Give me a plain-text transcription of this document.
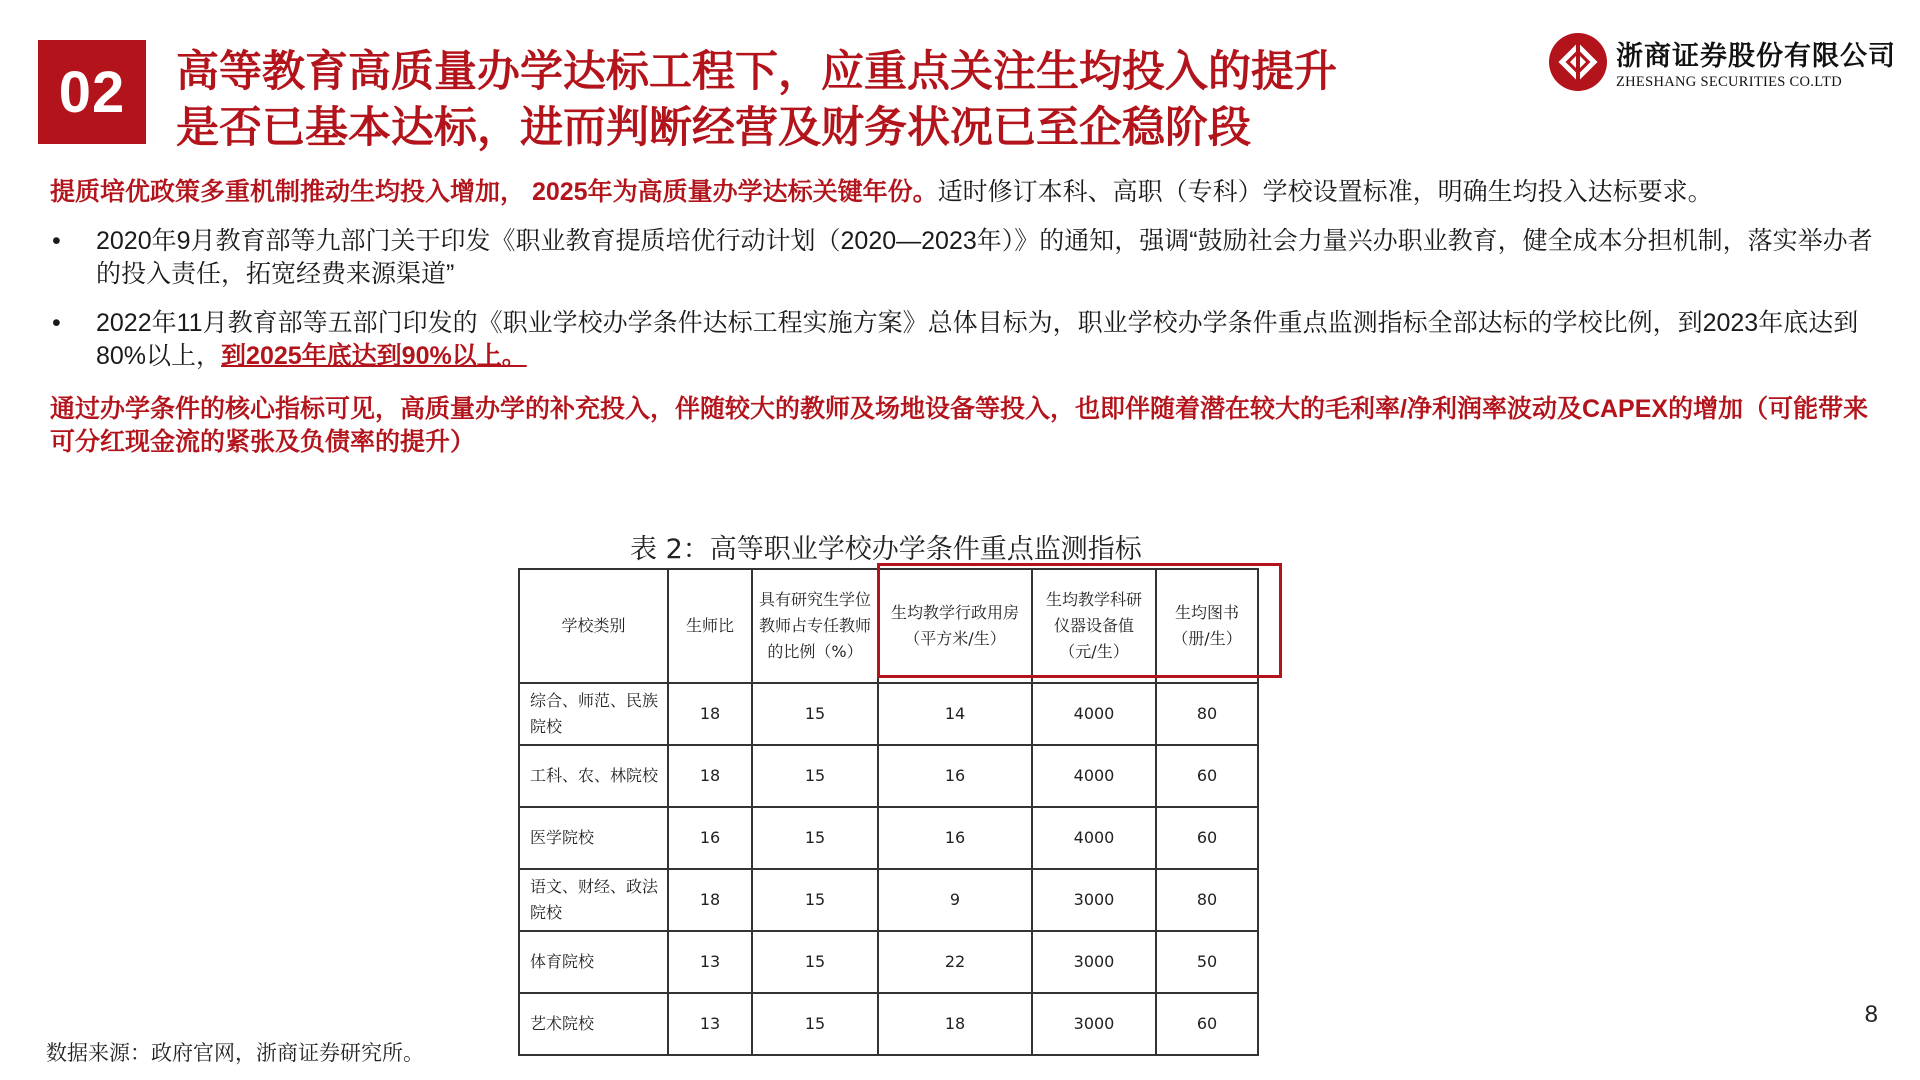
02	高等教育高质量办学达标工程下，应重点关注生均投入的提升
是否已基本达标，进而判断经营及财务状况已至企稳阶段
浙商证券股份有限公司
ZHESHANG SECURITIES CO.LTD

提质培优政策多重机制推动生均投入增加， 2025年为高质量办学达标关键年份。适时修订本科、高职（专科）学校设置标准，明确生均投入达标要求。

• 2020年9月教育部等九部门关于印发《职业教育提质培优行动计划（2020—2023年）》的通知，强调“鼓励社会力量兴办职业教育，健全成本分担机制，落实举办者的投入责任，拓宽经费来源渠道”
• 2022年11月教育部等五部门印发的《职业学校办学条件达标工程实施方案》总体目标为，职业学校办学条件重点监测指标全部达标的学校比例，到2023年底达到80%以上，到2025年底达到90%以上。

通过办学条件的核心指标可见，高质量办学的补充投入，伴随较大的教师及场地设备等投入，也即伴随着潜在较大的毛利率/净利润率波动及CAPEX的增加（可能带来可分红现金流的紧张及负债率的提升）

表 2：高等职业学校办学条件重点监测指标
学校类别	生师比	具有研究生学位教师占专任教师的比例（%）	生均教学行政用房（平方米/生）	生均教学科研仪器设备值（元/生）	生均图书（册/生）
综合、师范、民族院校	18	15	14	4000	80
工科、农、林院校	18	15	16	4000	60
医学院校	16	15	16	4000	60
语文、财经、政法院校	18	15	9	3000	80
体育院校	13	15	22	3000	50
艺术院校	13	15	18	3000	60
数据来源：政府官网，浙商证券研究所。
8
